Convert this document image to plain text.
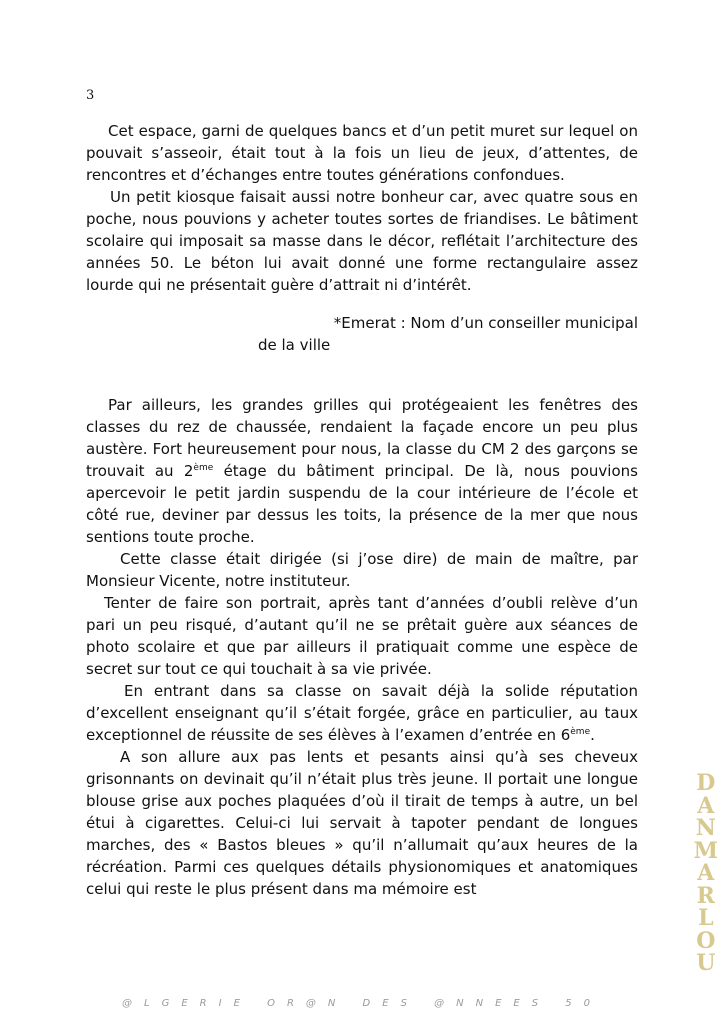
3

Cet espace, garni de quelques bancs et d’un petit muret sur lequel on pouvait s’asseoir, était tout à la fois un lieu de jeux, d’attentes, de rencontres et d’échanges entre toutes générations confondues.

Un petit kiosque faisait aussi notre bonheur car, avec quatre sous en poche, nous pouvions y acheter toutes sortes de friandises. Le bâtiment scolaire qui imposait sa masse dans le décor, reflétait l’architecture des années 50. Le béton lui avait donné une forme rectangulaire assez lourde qui ne présentait guère d’attrait ni d’intérêt.

*Emerat : Nom d’un conseiller municipal
de la ville

Par ailleurs, les grandes grilles qui protégeaient les fenêtres des classes du rez de chaussée, rendaient la façade encore un peu plus austère. Fort heureusement pour nous, la classe du CM 2 des garçons se trouvait au 2ème étage du bâtiment principal. De là, nous pouvions apercevoir le petit jardin suspendu de la cour intérieure de l’école et côté rue, deviner par dessus les toits, la présence de la mer que nous sentions toute proche.

Cette classe était dirigée (si j’ose dire) de main de maître, par Monsieur Vicente, notre instituteur.

Tenter de faire son portrait, après tant d’années d’oubli relève d’un pari un peu risqué, d’autant qu’il ne se prêtait guère aux séances de photo scolaire et que par ailleurs il pratiquait comme une espèce de secret sur tout ce qui touchait à sa vie privée.

En entrant dans sa classe on savait déjà la solide réputation d’excellent enseignant qu’il s’était forgée, grâce en particulier, au taux exceptionnel de réussite de ses élèves à l’examen d’entrée en 6ème.

A son allure aux pas lents et pesants ainsi qu’à ses cheveux grisonnants on devinait qu’il n’était plus très jeune. Il portait une longue blouse grise aux poches plaquées d’où il tirait de temps à autre, un bel étui à cigarettes. Celui-ci lui servait à tapoter pendant de longues marches, des « Bastos bleues » qu’il n’allumait qu’aux heures de la récréation. Parmi ces quelques détails physionomiques et anatomiques celui qui reste le plus présent dans ma mémoire est

D
A
N
M
A
R
L
O
U
@LGERIE OR@N DES @NNEES 50
